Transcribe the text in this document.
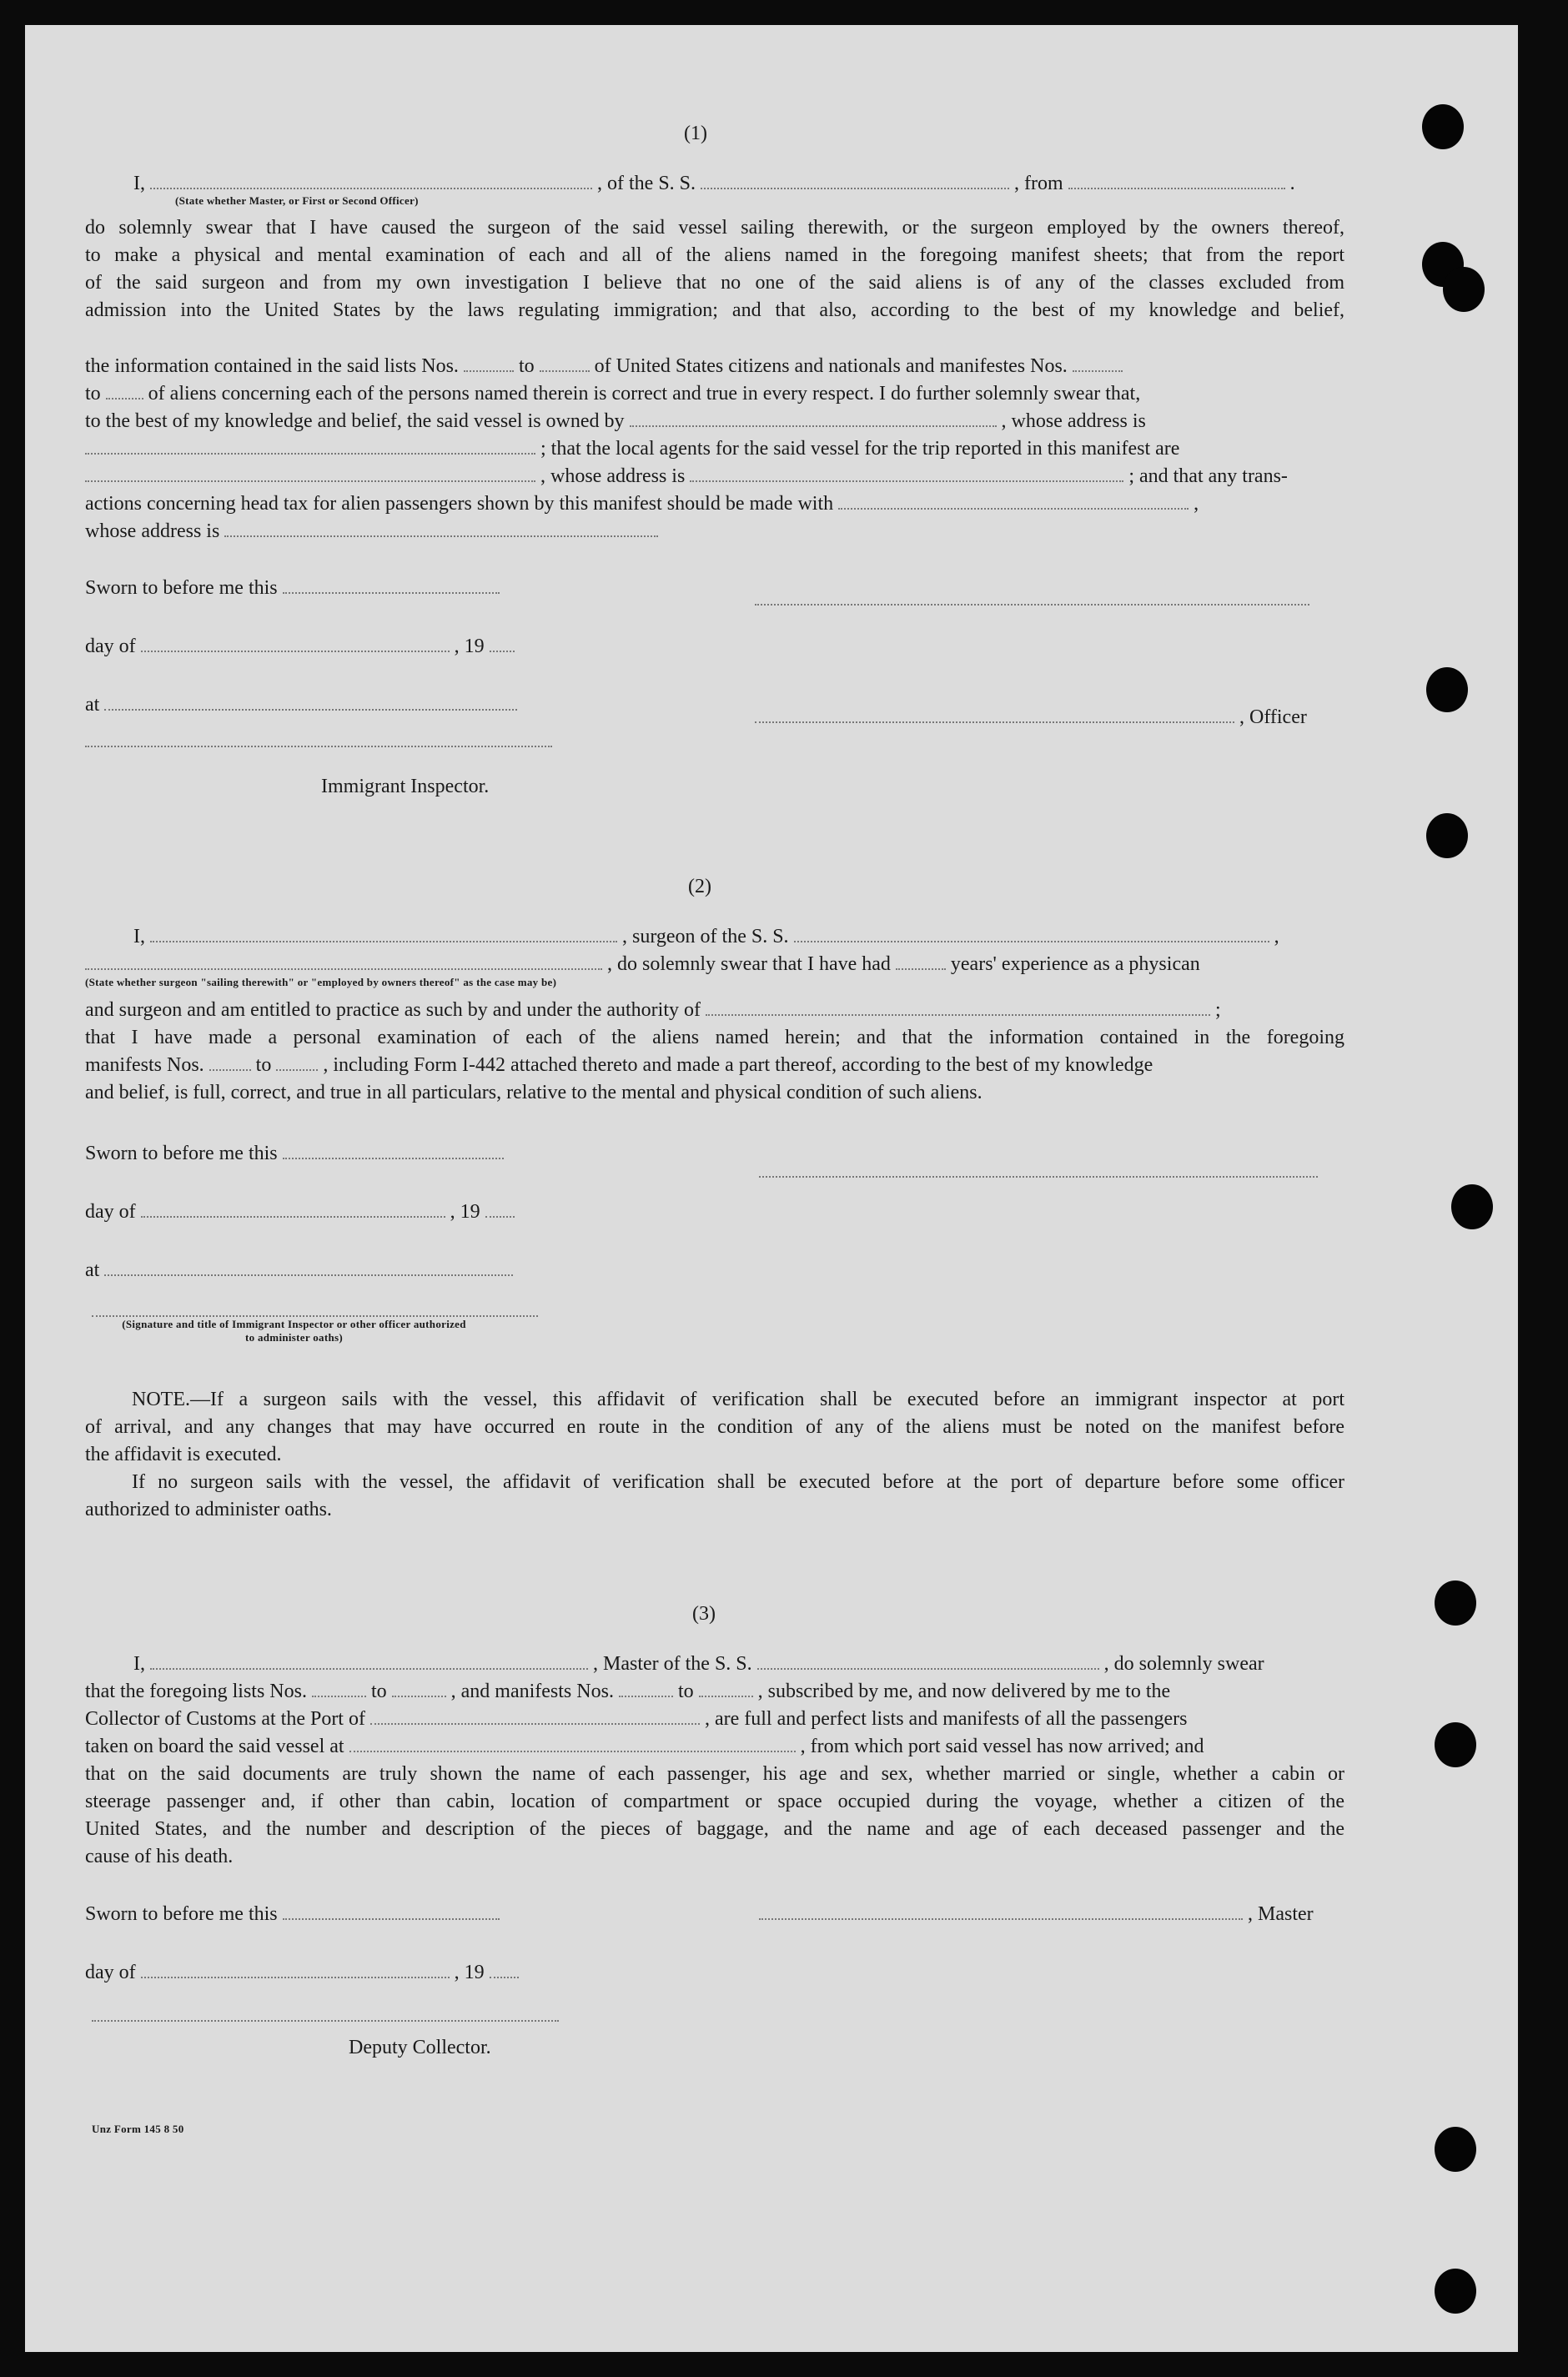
(1)
I,	, of the S. S.	, from	.
(State whether Master, or First or Second Officer)
do solemnly swear that I have caused the surgeon of the said vessel sailing therewith, or the surgeon employed by the owners thereof,
to make a physical and mental examination of each and all of the aliens named in the foregoing manifest sheets; that from the report
of the said surgeon and from my own investigation I believe that no one of the said aliens is of any of the classes excluded from
admission into the United States by the laws regulating immigration; and that also, according to the best of my knowledge and belief,
the information contained in the said lists Nos.	to	of United States citizens and nationals and manifestes Nos.
to of aliens concerning each of the persons named therein is correct and true in every respect. I do further solemnly swear that,
to the best of my knowledge and belief, the said vessel is owned by	, whose address is
; that the local agents for the said vessel for the trip reported in this manifest are
, whose address is	; and that any trans-
actions concerning head tax for alien passengers shown by this manifest should be made with	,
whose address is
Sworn to before me this
day of	, 19
at
, Officer
Immigrant Inspector.
(2)
I,	, surgeon of the S. S.	,
, do solemnly swear that I have had	years' experience as a physican
(State whether surgeon "sailing therewith" or "employed by owners thereof" as the case may be)
and surgeon and am entitled to practice as such by and under the authority of	;
that I have made a personal examination of each of the aliens named herein; and that the information contained in the foregoing
manifests Nos.	to	, including Form I-442 attached thereto and made a part thereof, according to the best of my knowledge
and belief, is full, correct, and true in all particulars, relative to the mental and physical condition of such aliens.
Sworn to before me this
day of	, 19
at
(Signature and title of Immigrant Inspector or other officer authorized to administer oaths)
NOTE.—If a surgeon sails with the vessel, this affidavit of verification shall be executed before an immigrant inspector at port
of arrival, and any changes that may have occurred en route in the condition of any of the aliens must be noted on the manifest before
the affidavit is executed.
If no surgeon sails with the vessel, the affidavit of verification shall be executed before at the port of departure before some officer
authorized to administer oaths.
(3)
I,	, Master of the S. S.	, do solemnly swear
that the foregoing lists Nos.	to	, and manifests Nos.	to	, subscribed by me, and now delivered by me to the
Collector of Customs at the Port of	, are full and perfect lists and manifests of all the passengers
taken on board the said vessel at	, from which port said vessel has now arrived; and
that on the said documents are truly shown the name of each passenger, his age and sex, whether married or single, whether a cabin or
steerage passenger and, if other than cabin, location of compartment or space occupied during the voyage, whether a citizen of the
United States, and the number and description of the pieces of baggage, and the name and age of each deceased passenger and the
cause of his death.
Sworn to before me this	, Master
day of	, 19
Deputy Collector.
Unz Form 145 8 50
